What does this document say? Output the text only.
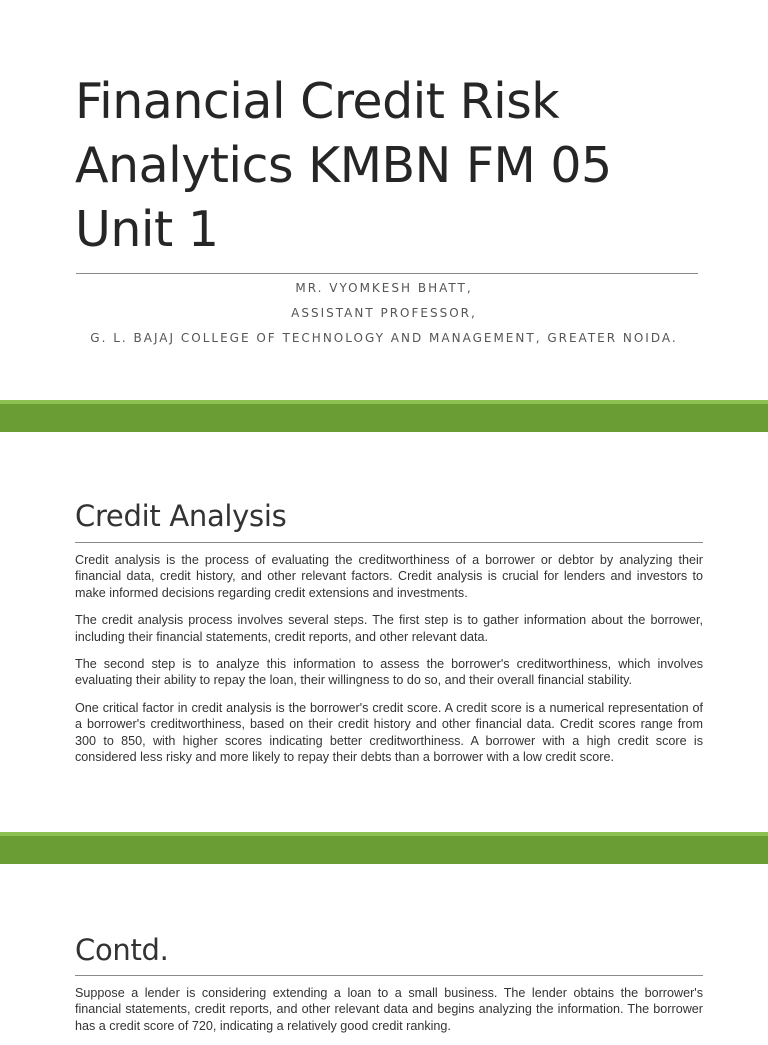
Financial Credit Risk Analytics KMBN FM 05 Unit 1
MR. VYOMKESH BHATT,
ASSISTANT PROFESSOR,
G. L. BAJAJ COLLEGE OF TECHNOLOGY AND MANAGEMENT, GREATER NOIDA.
Credit Analysis

Credit analysis is the process of evaluating the creditworthiness of a borrower or debtor by analyzing their financial data, credit history, and other relevant factors. Credit analysis is crucial for lenders and investors to make informed decisions regarding credit extensions and investments.

The credit analysis process involves several steps. The first step is to gather information about the borrower, including their financial statements, credit reports, and other relevant data.

The second step is to analyze this information to assess the borrower's creditworthiness, which involves evaluating their ability to repay the loan, their willingness to do so, and their overall financial stability.

One critical factor in credit analysis is the borrower's credit score. A credit score is a numerical representation of a borrower's creditworthiness, based on their credit history and other financial data. Credit scores range from 300 to 850, with higher scores indicating better creditworthiness. A borrower with a high credit score is considered less risky and more likely to repay their debts than a borrower with a low credit score.

Contd.

Suppose a lender is considering extending a loan to a small business. The lender obtains the borrower's financial statements, credit reports, and other relevant data and begins analyzing the information. The borrower has a credit score of 720, indicating a relatively good credit ranking.
